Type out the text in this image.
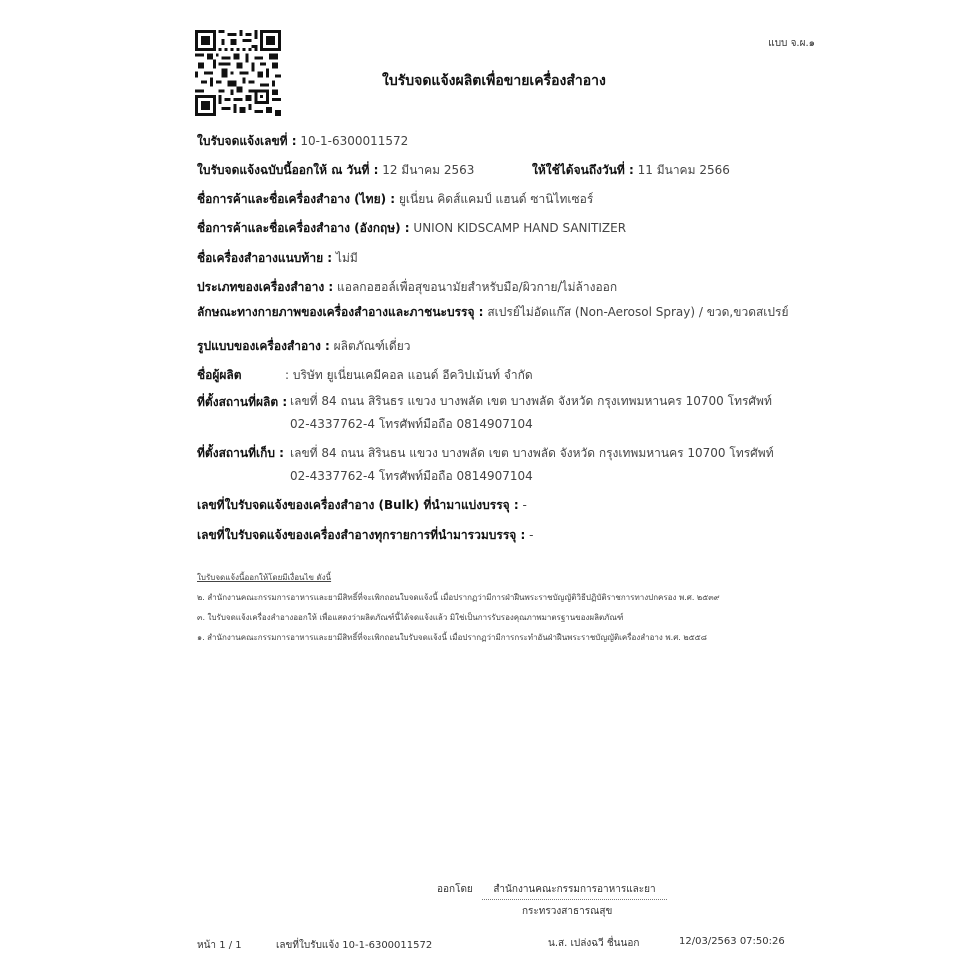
แบบ จ.ผ.๑
ใบรับจดแจ้งผลิตเพื่อขายเครื่องสำอาง
ใบรับจดแจ้งเลขที่ : 10-1-6300011572
ใบรับจดแจ้งฉบับนี้ออกให้ ณ วันที่ : 12 มีนาคม 2563	ให้ใช้ได้จนถึงวันที่ : 11 มีนาคม 2566
ชื่อการค้าและชื่อเครื่องสำอาง (ไทย) : ยูเนี่ยน คิดส์แคมป์ แฮนด์ ซานิไทเซอร์
ชื่อการค้าและชื่อเครื่องสำอาง (อังกฤษ) : UNION KIDSCAMP HAND SANITIZER
ชื่อเครื่องสำอางแนบท้าย : ไม่มี
ประเภทของเครื่องสำอาง : แอลกอฮอล์เพื่อสุขอนามัยสำหรับมือ/ผิวกาย/ไม่ล้างออก
ลักษณะทางกายภาพของเครื่องสำอางและภาชนะบรรจุ : สเปรย์ไม่อัดแก๊ส (Non-Aerosol Spray) / ขวด,ขวดสเปรย์
รูปแบบของเครื่องสำอาง : ผลิตภัณฑ์เดี่ยว
ชื่อผู้ผลิต	: บริษัท ยูเนี่ยนเคมีคอล แอนด์ อีควิปเม้นท์ จำกัด
ที่ตั้งสถานที่ผลิต : เลขที่ 84 ถนน สิรินธร แขวง บางพลัด เขต บางพลัด จังหวัด กรุงเทพมหานคร 10700 โทรศัพท์
02-4337762-4 โทรศัพท์มือถือ 0814907104
ที่ตั้งสถานที่เก็บ : เลขที่ 84 ถนน สิรินธน แขวง บางพลัด เขต บางพลัด จังหวัด กรุงเทพมหานคร 10700 โทรศัพท์
02-4337762-4 โทรศัพท์มือถือ 0814907104
เลขที่ใบรับจดแจ้งของเครื่องสำอาง (Bulk) ที่นำมาแบ่งบรรจุ : -
เลขที่ใบรับจดแจ้งของเครื่องสำอางทุกรายการที่นำมารวมบรรจุ : -
ใบรับจดแจ้งนี้ออกให้โดยมีเงื่อนไข ดังนี้
๒. สำนักงานคณะกรรมการอาหารและยามีสิทธิ์ที่จะเพิกถอนใบจดแจ้งนี้ เมื่อปรากฏว่ามีการฝ่าฝืนพระราชบัญญัติวิธีปฏิบัติราชการทางปกครอง พ.ศ. ๒๕๓๙
๓. ใบรับจดแจ้งเครื่องสำอางออกให้ เพื่อแสดงว่าผลิตภัณฑ์นี้ได้จดแจ้งแล้ว มิใช่เป็นการรับรองคุณภาพมาตรฐานของผลิตภัณฑ์
๑. สำนักงานคณะกรรมการอาหารและยามีสิทธิ์ที่จะเพิกถอนใบรับจดแจ้งนี้ เมื่อปรากฏว่ามีการกระทำอันฝ่าฝืนพระราชบัญญัติเครื่องสำอาง พ.ศ. ๒๕๕๘
ออกโดย	สำนักงานคณะกรรมการอาหารและยา
กระทรวงสาธารณสุข
หน้า 1 / 1	เลขที่ใบรับแจ้ง 10-1-6300011572	น.ส. เปล่งฉวี ชื่นนอก	12/03/2563 07:50:26
